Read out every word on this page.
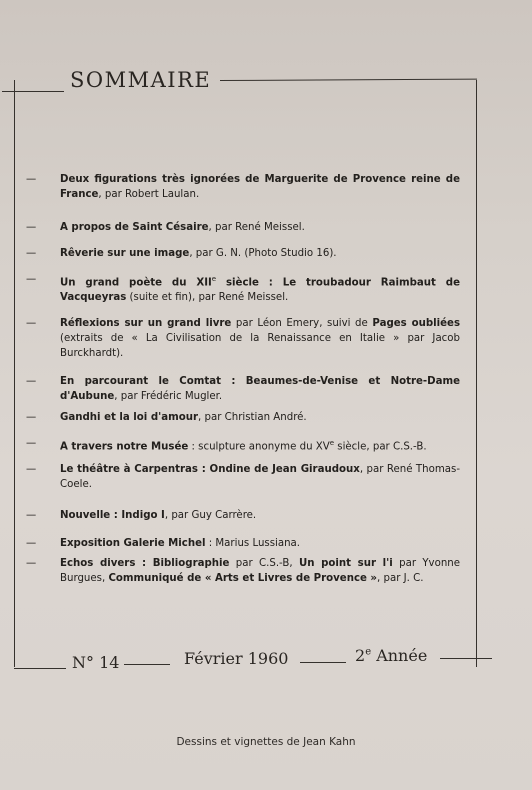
SOMMAIRE
—	Deux figurations très ignorées de Marguerite de Provence reine de France, par Robert Laulan.
—	A propos de Saint Césaire, par René Meissel.
—	Rêverie sur une image, par G. N. (Photo Studio 16).
—	Un grand poète du XIIe siècle : Le troubadour Raimbaut de Vacqueyras (suite et fin), par René Meissel.
—	Réflexions sur un grand livre par Léon Emery, suivi de Pages oubliées (extraits de « La Civilisation de la Renaissance en Italie » par Jacob Burckhardt).
—	En parcourant le Comtat : Beaumes-de-Venise et Notre-Dame d'Aubune, par Frédéric Mugler.
—	Gandhi et la loi d'amour, par Christian André.
—	A travers notre Musée : sculpture anonyme du XVe siècle, par C.S.-B.
—	Le théâtre à Carpentras : Ondine de Jean Giraudoux, par René Thomas-Coele.
—	Nouvelle : Indigo I, par Guy Carrère.
—	Exposition Galerie Michel : Marius Lussiana.
—	Echos divers : Bibliographie par C.S.-B, Un point sur l'i par Yvonne Burgues, Communiqué de « Arts et Livres de Provence », par J. C.
N° 14	Février 1960	2e Année
Dessins et vignettes de Jean Kahn
